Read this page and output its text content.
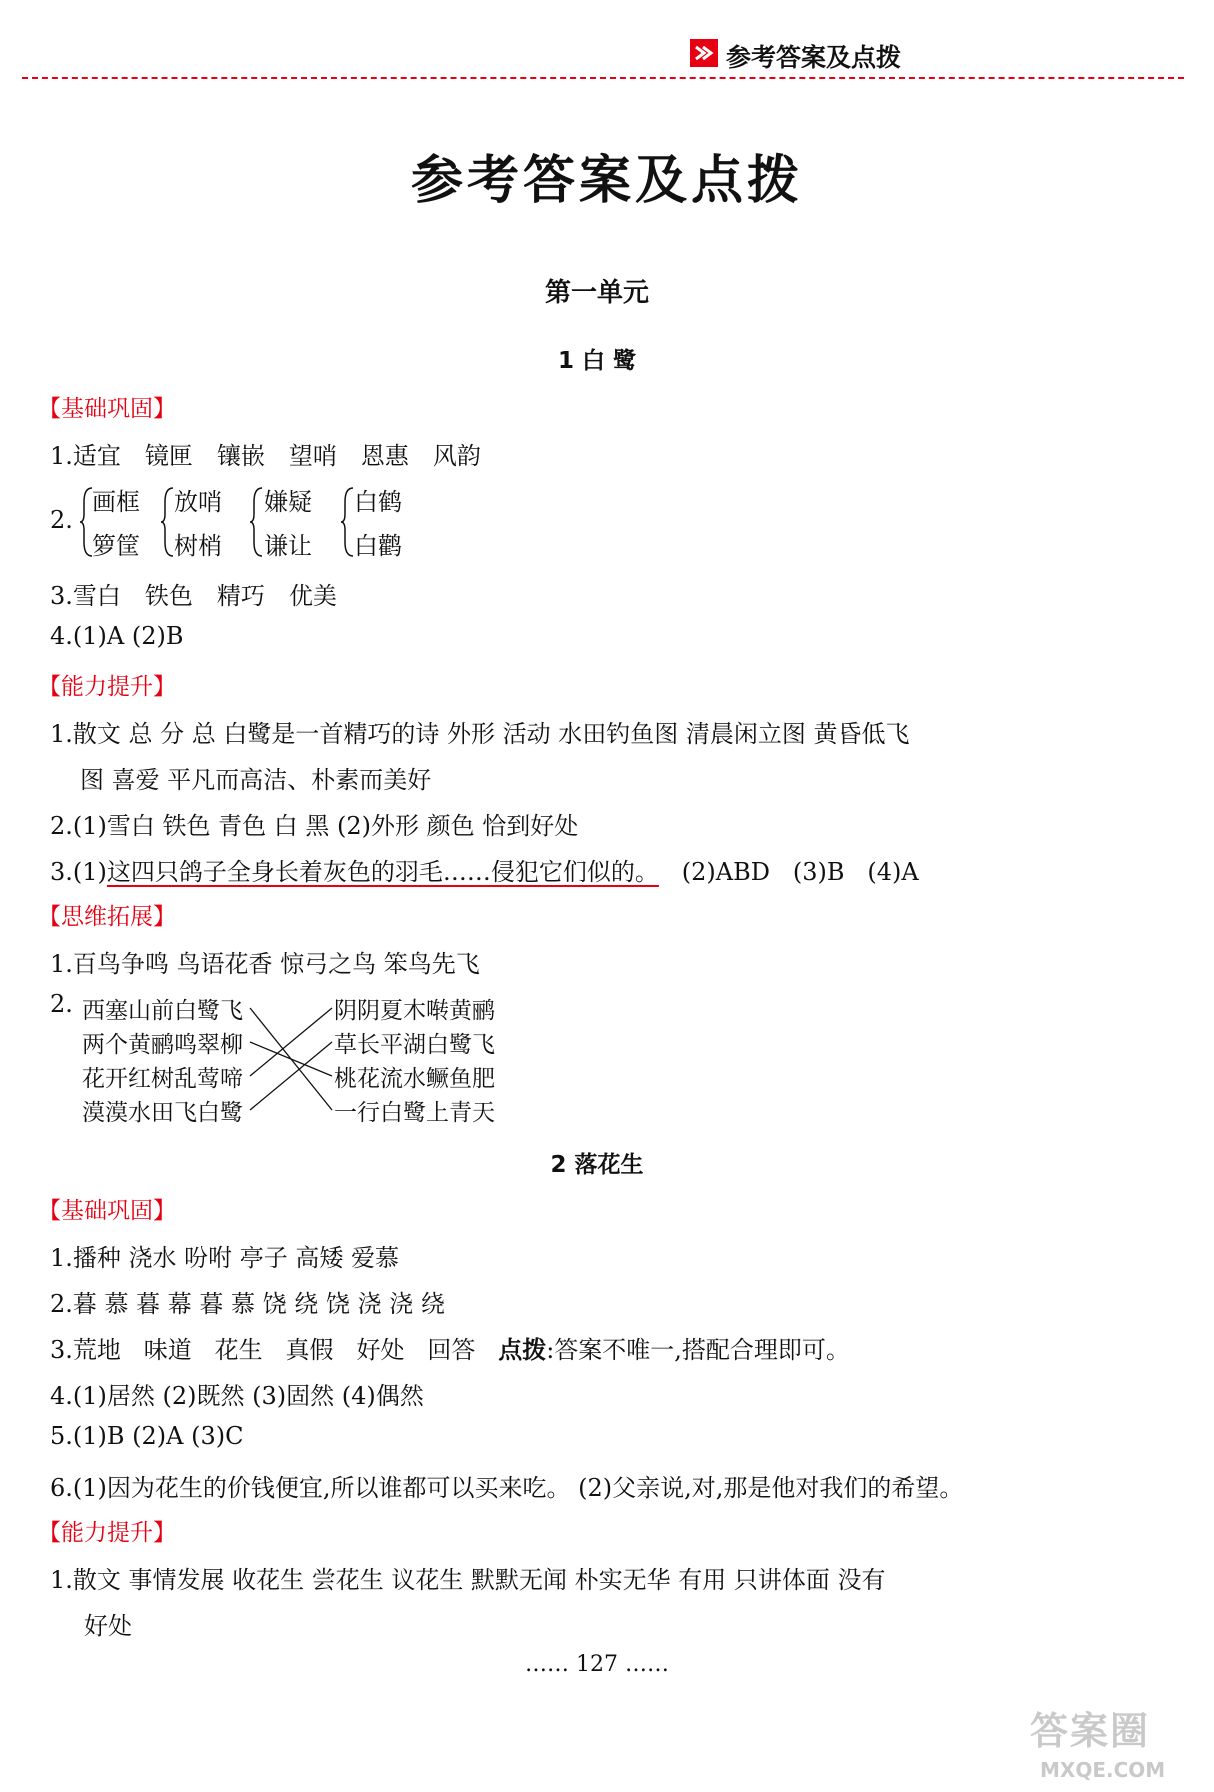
参考答案及点拨
参考答案及点拨
第一单元
1 白 鹭
【基础巩固】
1.适宜 镜匣 镶嵌 望哨 恩惠 风韵
2.
画框
箩筐
放哨
树梢
嫌疑
谦让
白鹤
白鹳
3.雪白 铁色 精巧 优美
4.(1)A (2)B
【能力提升】
1.散文 总 分 总 白鹭是一首精巧的诗 外形 活动 水田钓鱼图 清晨闲立图 黄昏低飞
图 喜爱 平凡而高洁、朴素而美好
2.(1)雪白 铁色 青色 白 黑 (2)外形 颜色 恰到好处
3.(1)这四只鸽子全身长着灰色的羽毛……侵犯它们似的。   (2)ABD   (3)B   (4)A
【思维拓展】
1.百鸟争鸣 鸟语花香 惊弓之鸟 笨鸟先飞
2. 西塞山前白鹭飞
两个黄鹂鸣翠柳
花开红树乱莺啼
漠漠水田飞白鹭
阴阴夏木啭黄鹂
草长平湖白鹭飞
桃花流水鳜鱼肥
一行白鹭上青天
2 落花生
【基础巩固】
1.播种 浇水 吩咐 亭子 高矮 爱慕
2.暮 慕 暮 幕 暮 慕 饶 绕 饶 浇 浇 绕
3.荒地   味道   花生   真假   好处   回答   点拨:答案不唯一,搭配合理即可。
4.(1)居然 (2)既然 (3)固然 (4)偶然
5.(1)B (2)A (3)C
6.(1)因为花生的价钱便宜,所以谁都可以买来吃。 (2)父亲说,对,那是他对我们的希望。
【能力提升】
1.散文 事情发展 收花生 尝花生 议花生 默默无闻 朴实无华 有用 只讲体面 没有
好处
…… 127 ……
答案圈
MXQE.COM
